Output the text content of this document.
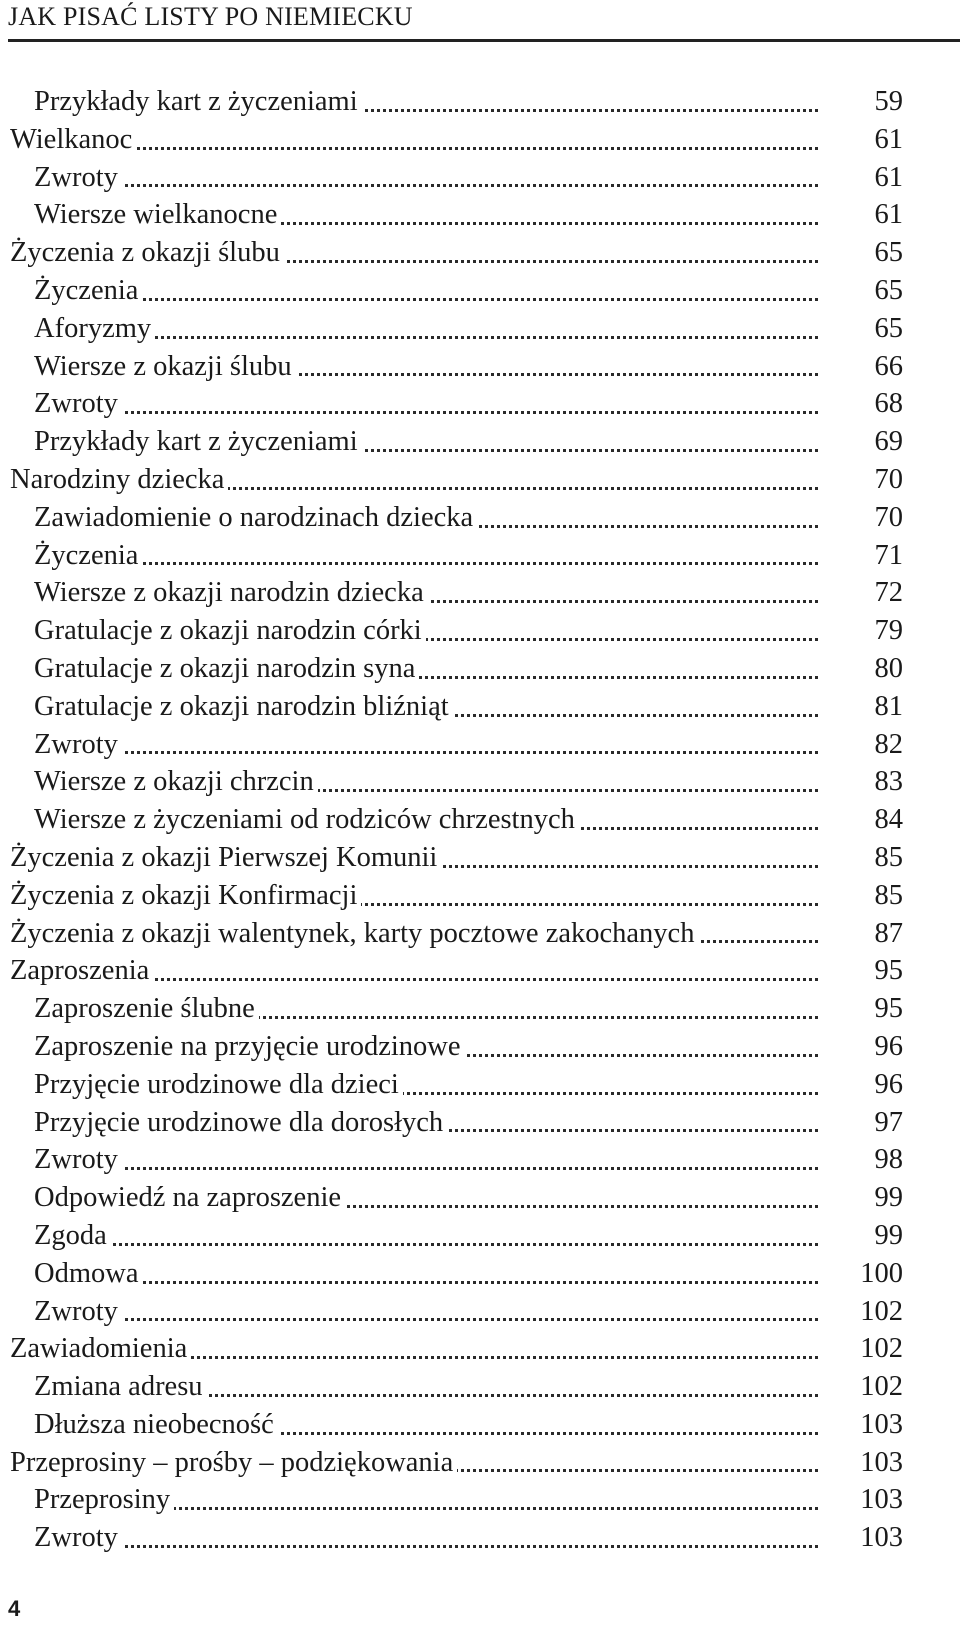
JAK PISAĆ LISTY PO NIEMIECKU
Przykłady kart z życzeniami	59
Wielkanoc	61
Zwroty	61
Wiersze wielkanocne	61
Życzenia z okazji ślubu	65
Życzenia	65
Aforyzmy	65
Wiersze z okazji ślubu	66
Zwroty	68
Przykłady kart z życzeniami	69
Narodziny dziecka	70
Zawiadomienie o narodzinach dziecka	70
Życzenia	71
Wiersze z okazji narodzin dziecka	72
Gratulacje z okazji narodzin córki	79
Gratulacje z okazji narodzin syna	80
Gratulacje z okazji narodzin bliźniąt	81
Zwroty	82
Wiersze z okazji chrzcin	83
Wiersze z życzeniami od rodziców chrzestnych	84
Życzenia z okazji Pierwszej Komunii	85
Życzenia z okazji Konfirmacji	85
Życzenia z okazji walentynek, karty pocztowe zakochanych	87
Zaproszenia	95
Zaproszenie ślubne	95
Zaproszenie na przyjęcie urodzinowe	96
Przyjęcie urodzinowe dla dzieci	96
Przyjęcie urodzinowe dla dorosłych	97
Zwroty	98
Odpowiedź na zaproszenie	99
Zgoda	99
Odmowa	100
Zwroty	102
Zawiadomienia	102
Zmiana adresu	102
Dłuższa nieobecność	103
Przeprosiny – prośby – podziękowania	103
Przeprosiny	103
Zwroty	103
4
